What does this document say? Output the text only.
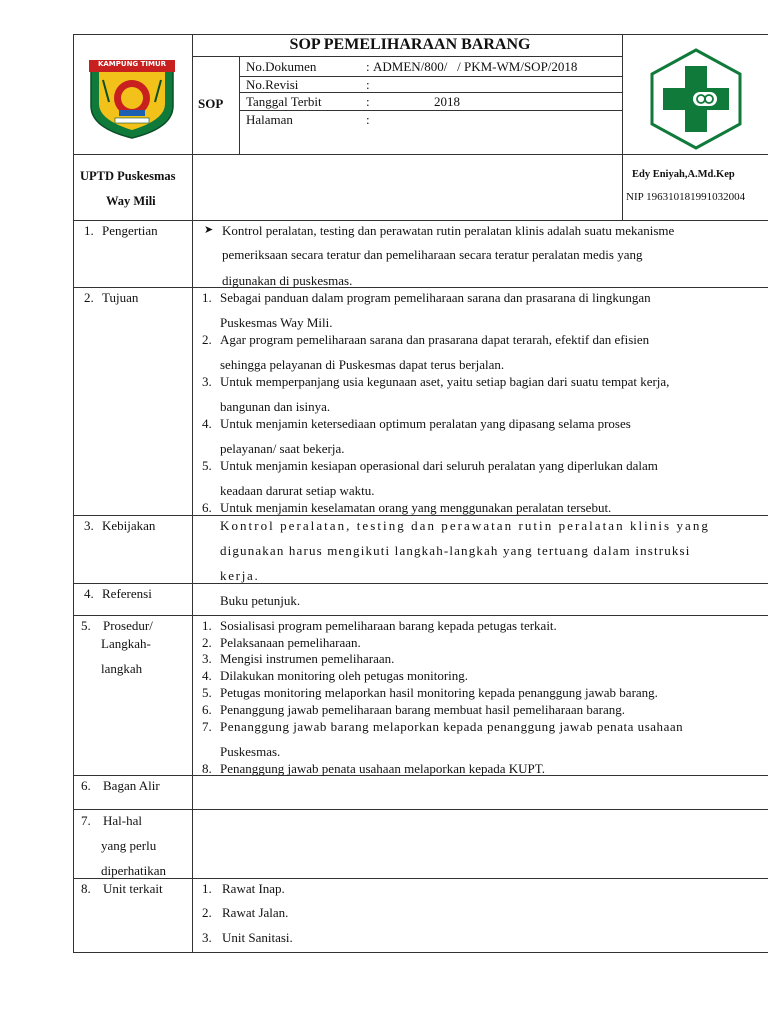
KAMPUNG TIMUR
SOP PEMELIHARAAN BARANG
SOP
No.Dokumen	: ADMEN/800/   / PKM-WM/SOP/2018
No.Revisi	:
Tanggal Terbit	:	2018
Halaman	:
UPTD Puskesmas
Way Mili
Edy Eniyah,A.Md.Kep
NIP 196310181991032004
1. Pengertian	➤ Kontrol peralatan, testing dan perawatan rutin peralatan klinis adalah suatu mekanisme
pemeriksaan secara teratur dan pemeliharaan secara teratur peralatan medis yang
digunakan di puskesmas.
2. Tujuan	1. Sebagai panduan dalam program pemeliharaan sarana dan prasarana di lingkungan
Puskesmas Way Mili.
2. Agar program pemeliharaan sarana dan prasarana dapat terarah, efektif dan efisien
sehingga pelayanan di Puskesmas dapat terus berjalan.
3. Untuk memperpanjang usia kegunaan aset, yaitu setiap bagian dari suatu tempat kerja,
bangunan dan isinya.
4. Untuk menjamin ketersediaan optimum peralatan yang dipasang selama proses
pelayanan/ saat bekerja.
5. Untuk menjamin kesiapan operasional dari seluruh peralatan yang diperlukan dalam
keadaan darurat setiap waktu.
6. Untuk menjamin keselamatan orang yang menggunakan peralatan tersebut.
3. Kebijakan	Kontrol peralatan, testing dan perawatan rutin peralatan klinis yang
digunakan harus mengikuti langkah-langkah yang tertuang dalam instruksi
kerja.
4. Referensi	Buku petunjuk.
5. Prosedur/
Langkah-
langkah
1. Sosialisasi program pemeliharaan barang kepada petugas terkait.
2. Pelaksanaan pemeliharaan.
3. Mengisi instrumen pemeliharaan.
4. Dilakukan monitoring oleh petugas monitoring.
5. Petugas monitoring melaporkan hasil monitoring kepada penanggung jawab barang.
6. Penanggung jawab pemeliharaan barang membuat hasil pemeliharaan barang.
7. Penanggung jawab barang melaporkan kepada penanggung jawab penata usahaan
Puskesmas.
8. Penanggung jawab penata usahaan melaporkan kepada KUPT.
6. Bagan Alir
7. Hal-hal
yang perlu
diperhatikan
8. Unit terkait	1. Rawat Inap.
2. Rawat Jalan.
3. Unit Sanitasi.
